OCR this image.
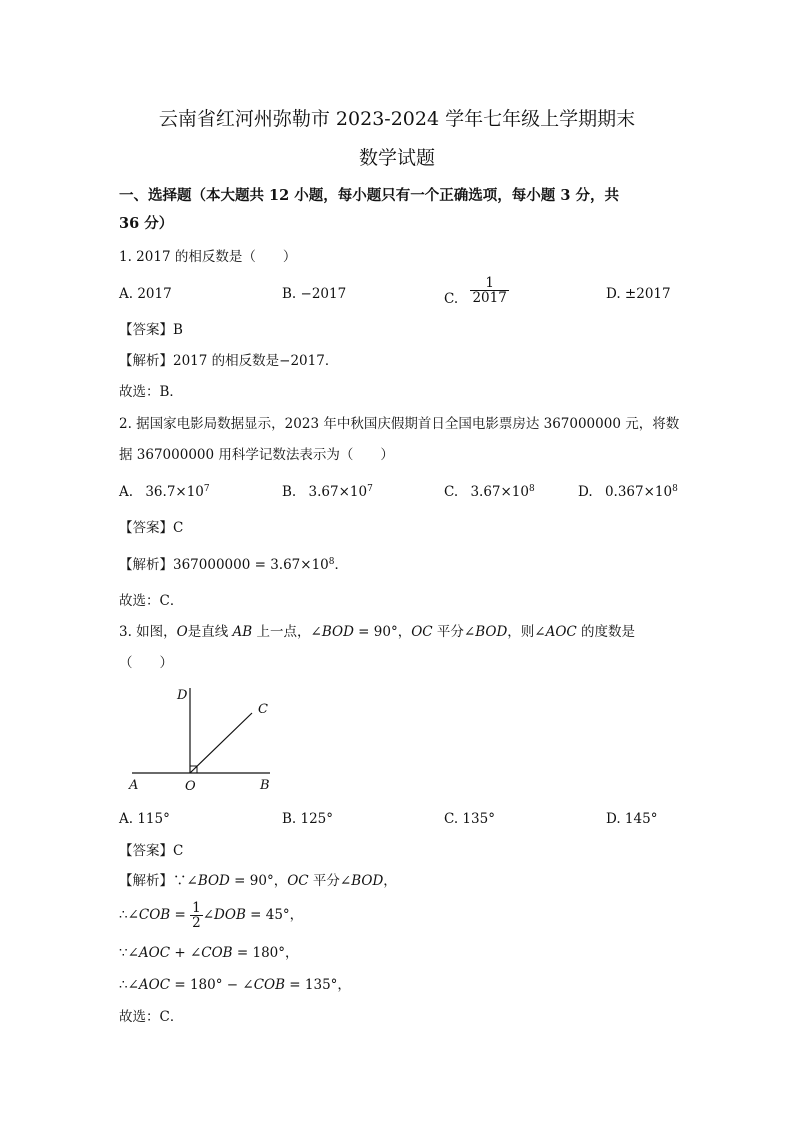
云南省红河州弥勒市 2023-2024 学年七年级上学期期末
数学试题
一、选择题（本大题共 12 小题，每小题只有一个正确选项，每小题 3 分，共
36 分）
1. 2017 的相反数是（　　）
A. 2017	B. −2017	C. $\frac{1}{2017}$	D. ±2017
【答案】B
【解析】2017 的相反数是−2017．
故选：B．
2. 据国家电影局数据显示，2023 年中秋国庆假期首日全国电影票房达 367000000 元，将数
据 367000000 用科学记数法表示为（　　）
A. $36.7\times 10^7$	B. $3.67\times 10^7$	C. $3.67\times 10^8$	D. $0.367\times 10^8$
【答案】C
【解析】$367000000 = 3.67\times 10^8$．
故选：C．
3. 如图，O是直线 AB 上一点，∠BOD = 90°，OC 平分∠BOD，则∠AOC 的度数是
（　　）
D
C
A	O	B
A. 115°	B. 125°	C. 135°	D. 145°
【答案】C
【解析】∵∠BOD = 90°，OC 平分∠BOD，
∴∠COB = $\frac{1}{2}$ ∠DOB = 45°，
∵∠AOC + ∠COB = 180°，
∴∠AOC = 180° − ∠COB = 135°，
故选：C．
